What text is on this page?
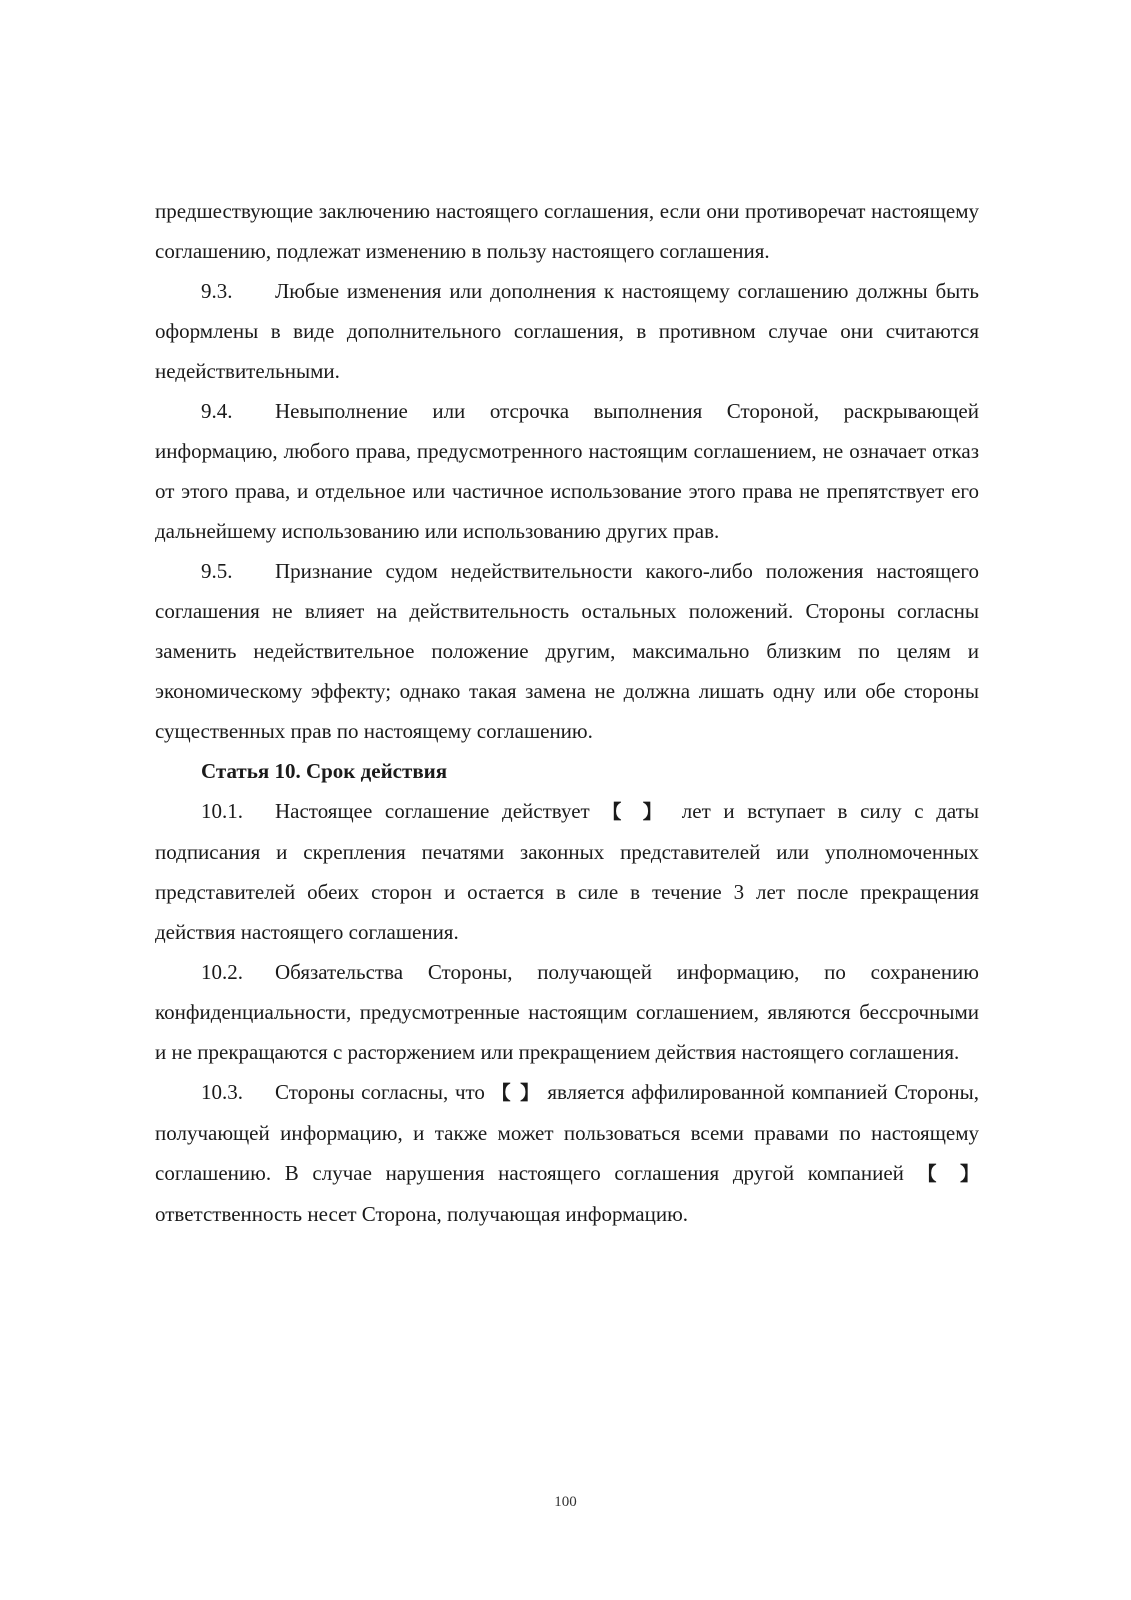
предшествующие заключению настоящего соглашения, если они противоречат настоящему соглашению, подлежат изменению в пользу настоящего соглашения.

9.3. Любые изменения или дополнения к настоящему соглашению должны быть оформлены в виде дополнительного соглашения, в противном случае они считаются недействительными.

9.4. Невыполнение или отсрочка выполнения Стороной, раскрывающей информацию, любого права, предусмотренного настоящим соглашением, не означает отказ от этого права, и отдельное или частичное использование этого права не препятствует его дальнейшему использованию или использованию других прав.

9.5. Признание судом недействительности какого-либо положения настоящего соглашения не влияет на действительность остальных положений. Стороны согласны заменить недействительное положение другим, максимально близким по целям и экономическому эффекту; однако такая замена не должна лишать одну или обе стороны существенных прав по настоящему соглашению.

Статья 10. Срок действия

10.1. Настоящее соглашение действует 【 】 лет и вступает в силу с даты подписания и скрепления печатями законных представителей или уполномоченных представителей обеих сторон и остается в силе в течение 3 лет после прекращения действия настоящего соглашения.

10.2. Обязательства Стороны, получающей информацию, по сохранению конфиденциальности, предусмотренные настоящим соглашением, являются бессрочными и не прекращаются с расторжением или прекращением действия настоящего соглашения.

10.3. Стороны согласны, что 【 】 является аффилированной компанией Стороны, получающей информацию, и также может пользоваться всеми правами по настоящему соглашению. В случае нарушения настоящего соглашения другой компанией 【 】 ответственность несет Сторона, получающая информацию.

100
